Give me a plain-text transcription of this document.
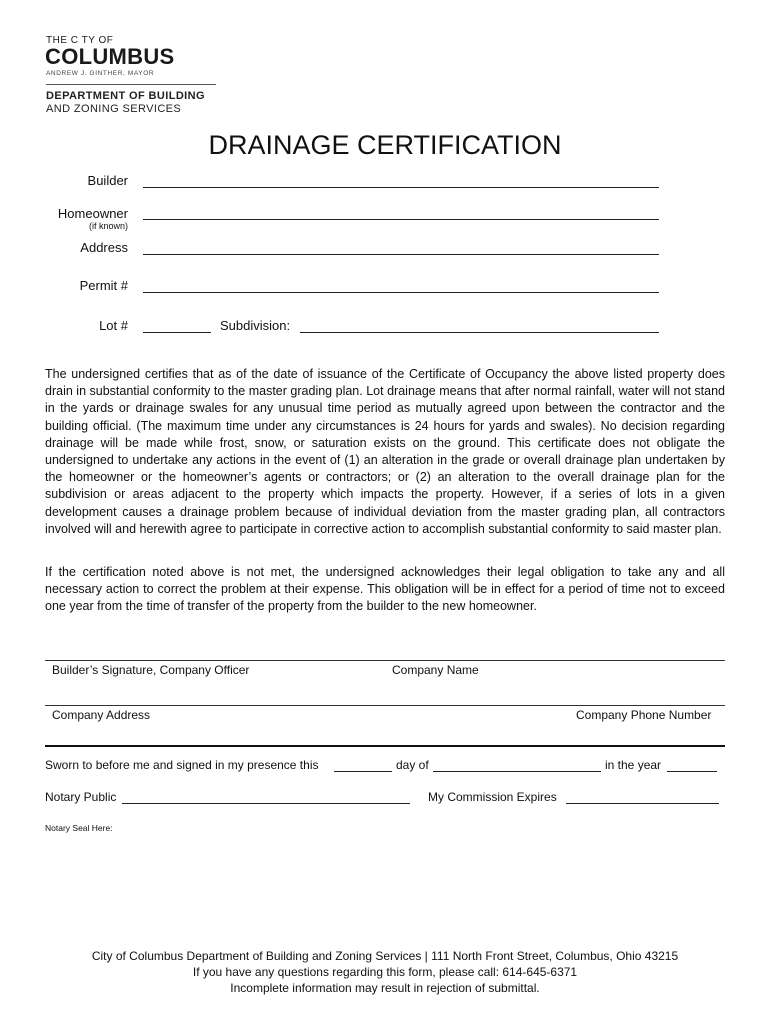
THE C TY OF
COLUMBUS
ANDREW J. GINTHER, MAYOR
DEPARTMENT OF BUILDING
AND ZONING SERVICES
DRAINAGE CERTIFICATION
Builder
Homeowner
(if known)
Address
Permit #
Lot #	Subdivision:
The undersigned certifies that as of the date of issuance of the Certificate of Occupancy the above listed property does drain in substantial conformity to the master grading plan. Lot drainage means that after normal rainfall, water will not stand in the yards or drainage swales for any unusual time period as mutually agreed upon between the contractor and the building official. (The maximum time under any circumstances is 24 hours for yards and swales). No decision regarding drainage will be made while frost, snow, or saturation exists on the ground. This certificate does not obligate the undersigned to undertake any actions in the event of (1) an alteration in the grade or overall drainage plan undertaken by the homeowner or the homeowner’s agents or contractors; or (2) an alteration to the overall drainage plan for the subdivision or areas adjacent to the property which impacts the property. However, if a series of lots in a given development causes a drainage problem because of individual deviation from the master grading plan, all contractors involved will and herewith agree to participate in corrective action to accomplish substantial conformity to said master plan.
If the certification noted above is not met, the undersigned acknowledges their legal obligation to take any and all necessary action to correct the problem at their expense. This obligation will be in effect for a period of time not to exceed one year from the time of transfer of the property from the builder to the new homeowner.
Builder’s Signature, Company Officer	Company Name
Company Address	Company Phone Number
Sworn to before me and signed in my presence this	day of	in the year
Notary Public	My Commission Expires
Notary Seal Here:
City of Columbus Department of Building and Zoning Services | 111 North Front Street, Columbus, Ohio 43215
If you have any questions regarding this form, please call: 614-645-6371
Incomplete information may result in rejection of submittal.
